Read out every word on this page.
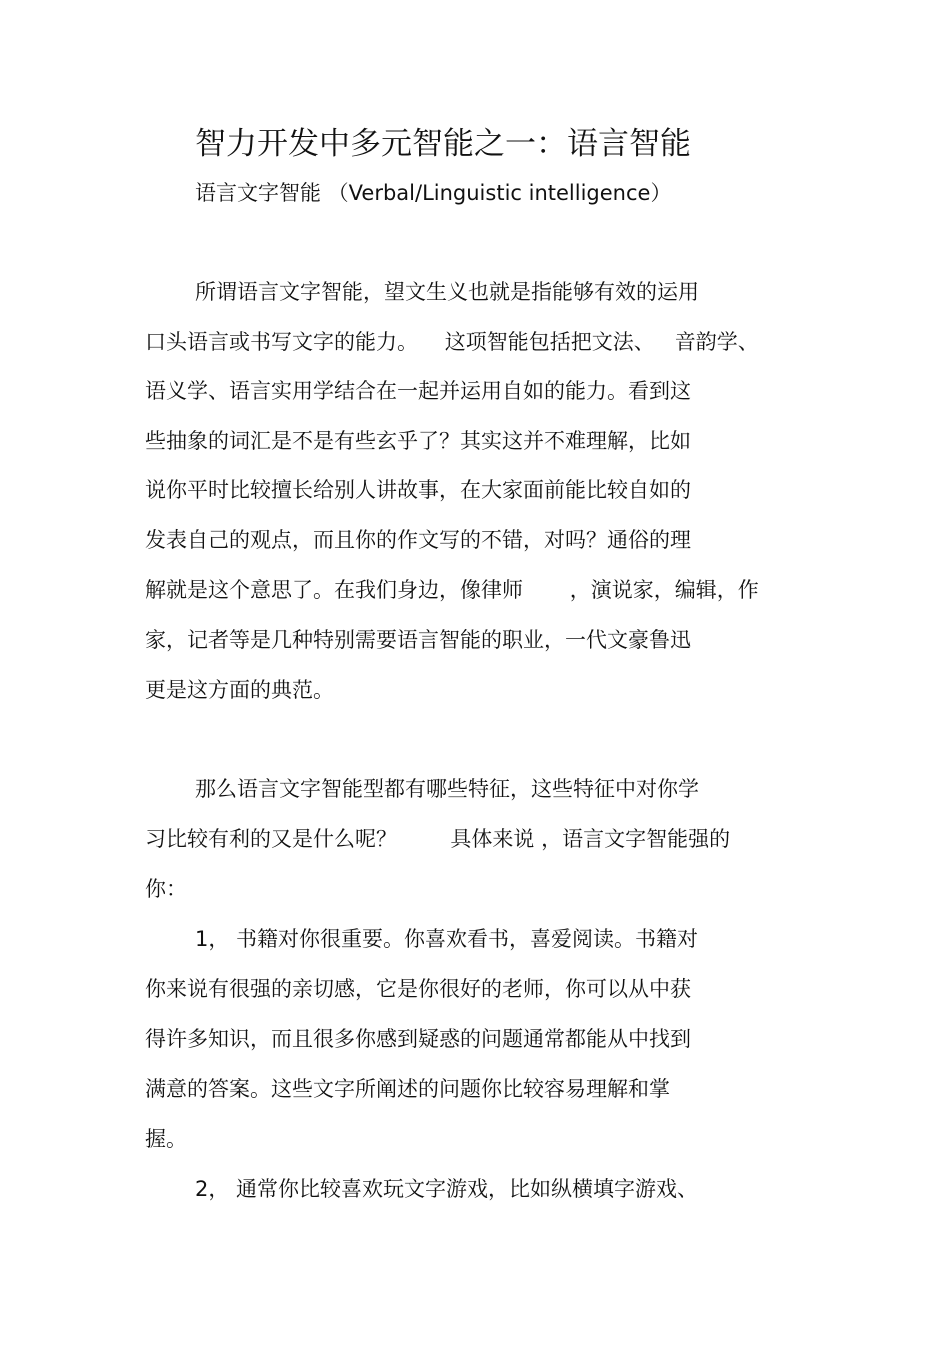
智力开发中多元智能之一：语言智能
语言文字智能 （Verbal/Linguistic intelligence）
所谓语言文字智能，望文生义也就是指能够有效的运用
口头语言或书写文字的能力。    这项智能包括把文法、   音韵学、
语义学、语言实用学结合在一起并运用自如的能力。看到这
些抽象的词汇是不是有些玄乎了？其实这并不难理解，比如
说你平时比较擅长给别人讲故事，在大家面前能比较自如的
发表自己的观点，而且你的作文写的不错，对吗？通俗的理
解就是这个意思了。在我们身边，像律师       ，演说家，编辑，作
家，记者等是几种特别需要语言智能的职业，一代文豪鲁迅
更是这方面的典范。
那么语言文字智能型都有哪些特征，这些特征中对你学
习比较有利的又是什么呢？        具体来说 ，语言文字智能强的
你：
1， 书籍对你很重要。你喜欢看书，喜爱阅读。书籍对
你来说有很强的亲切感，它是你很好的老师，你可以从中获
得许多知识，而且很多你感到疑惑的问题通常都能从中找到
满意的答案。这些文字所阐述的问题你比较容易理解和掌
握。
2， 通常你比较喜欢玩文字游戏，比如纵横填字游戏、
